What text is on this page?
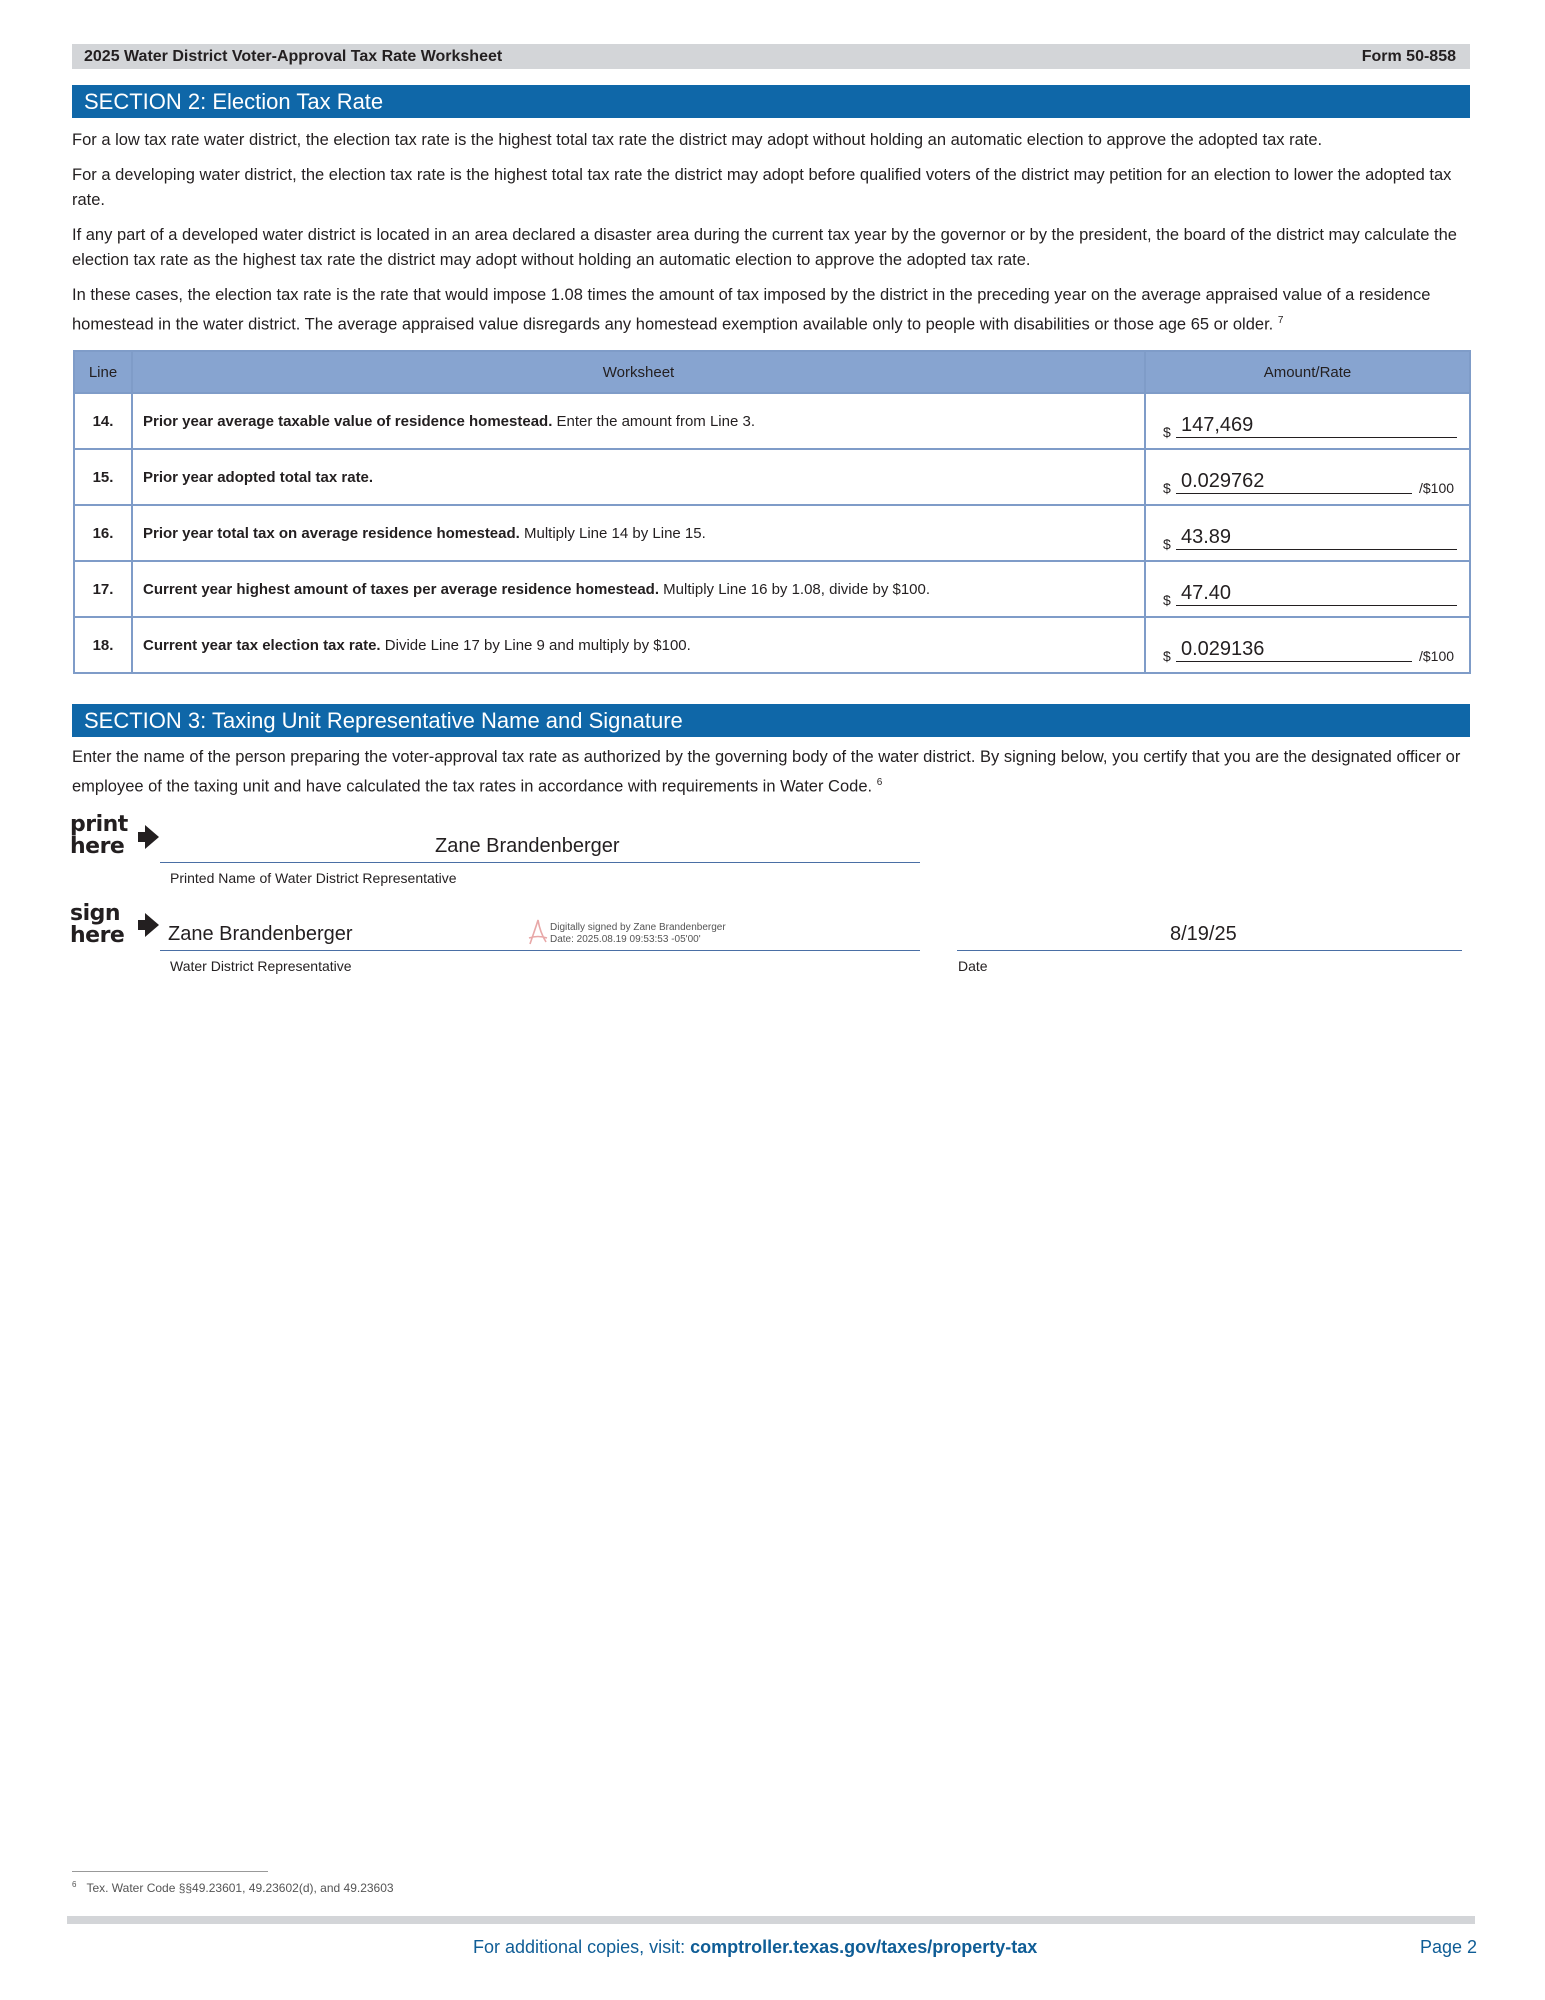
2025 Water District Voter-Approval Tax Rate Worksheet	Form 50-858
SECTION 2: Election Tax Rate

For a low tax rate water district, the election tax rate is the highest total tax rate the district may adopt without holding an automatic election to approve the adopted tax rate.

For a developing water district, the election tax rate is the highest total tax rate the district may adopt before qualified voters of the district may petition for an election to lower the adopted tax rate.

If any part of a developed water district is located in an area declared a disaster area during the current tax year by the governor or by the president, the board of the district may calculate the election tax rate as the highest tax rate the district may adopt without holding an automatic election to approve the adopted tax rate.

In these cases, the election tax rate is the rate that would impose 1.08 times the amount of tax imposed by the district in the preceding year on the average appraised value of a residence homestead in the water district. The average appraised value disregards any homestead exemption available only to people with disabilities or those age 65 or older. $^7$

Line	Worksheet	Amount/Rate
14.	Prior year average taxable value of residence homestead. Enter the amount from Line 3.	$ 147,469

15.	Prior year adopted total tax rate.	$ 0.029762 /$100

16.	Prior year total tax on average residence homestead. Multiply Line 14 by Line 15.	$ 43.89

17.	Current year highest amount of taxes per average residence homestead. Multiply Line 16 by 1.08, divide by $100.	$ 47.40

18.	Current year tax election tax rate. Divide Line 17 by Line 9 and multiply by $100.	$ 0.029136 /$100
SECTION 3: Taxing Unit Representative Name and Signature

Enter the name of the person preparing the voter-approval tax rate as authorized by the governing body of the water district. By signing below, you certify that you are the designated officer or employee of the taxing unit and have calculated the tax rates in accordance with requirements in Water Code. $^6$

print
here	Zane Brandenberger
Printed Name of Water District Representative
sign
here	Zane Brandenberger	Digitally signed by Zane Brandenberger
Date: 2025.08.19 09:53:53 -05'00'
Water District Representative
8/19/25
Date
$^6$ Tex. Water Code §§49.23601, 49.23602(d), and 49.23603
For additional copies, visit: comptroller.texas.gov/taxes/property-tax	Page 2
